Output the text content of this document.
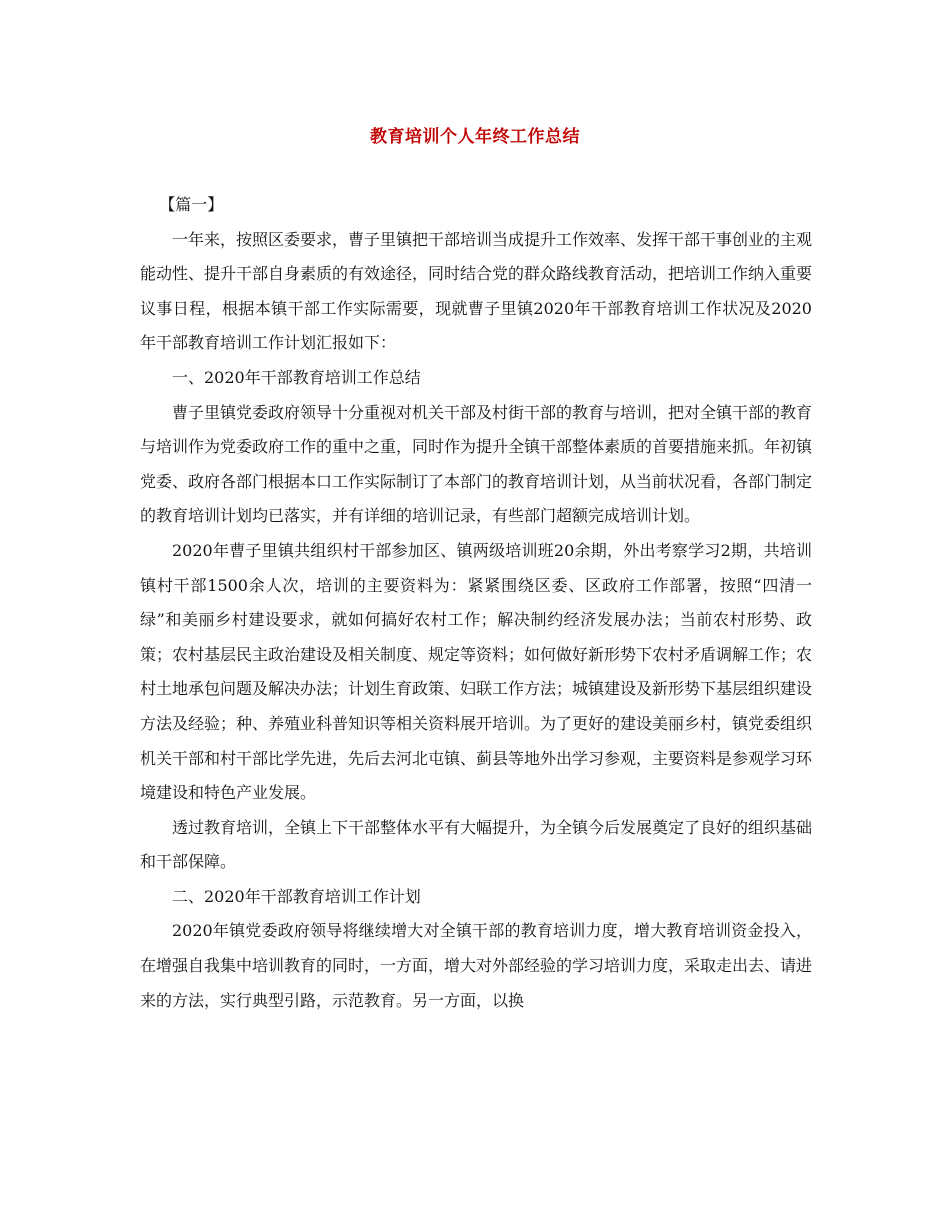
教育培训个人年终工作总结

【篇一】

一年来，按照区委要求，曹子里镇把干部培训当成提升工作效率、发挥干部干事创业的主观能动性、提升干部自身素质的有效途径，同时结合党的群众路线教育活动，把培训工作纳入重要议事日程，根据本镇干部工作实际需要，现就曹子里镇2020年干部教育培训工作状况及2020年干部教育培训工作计划汇报如下：

一、2020年干部教育培训工作总结

曹子里镇党委政府领导十分重视对机关干部及村街干部的教育与培训，把对全镇干部的教育与培训作为党委政府工作的重中之重，同时作为提升全镇干部整体素质的首要措施来抓。年初镇党委、政府各部门根据本口工作实际制订了本部门的教育培训计划，从当前状况看，各部门制定的教育培训计划均已落实，并有详细的培训记录，有些部门超额完成培训计划。

2020年曹子里镇共组织村干部参加区、镇两级培训班20余期，外出考察学习2期，共培训镇村干部1500余人次，培训的主要资料为：紧紧围绕区委、区政府工作部署，按照“四清一绿”和美丽乡村建设要求，就如何搞好农村工作；解决制约经济发展办法；当前农村形势、政策；农村基层民主政治建设及相关制度、规定等资料；如何做好新形势下农村矛盾调解工作；农村土地承包问题及解决办法；计划生育政策、妇联工作方法；城镇建设及新形势下基层组织建设方法及经验；种、养殖业科普知识等相关资料展开培训。为了更好的建设美丽乡村，镇党委组织机关干部和村干部比学先进，先后去河北屯镇、蓟县等地外出学习参观，主要资料是参观学习环境建设和特色产业发展。

透过教育培训，全镇上下干部整体水平有大幅提升，为全镇今后发展奠定了良好的组织基础和干部保障。

二、2020年干部教育培训工作计划

2020年镇党委政府领导将继续增大对全镇干部的教育培训力度，增大教育培训资金投入，在增强自我集中培训教育的同时，一方面，增大对外部经验的学习培训力度，采取走出去、请进来的方法，实行典型引路，示范教育。另一方面，以换
